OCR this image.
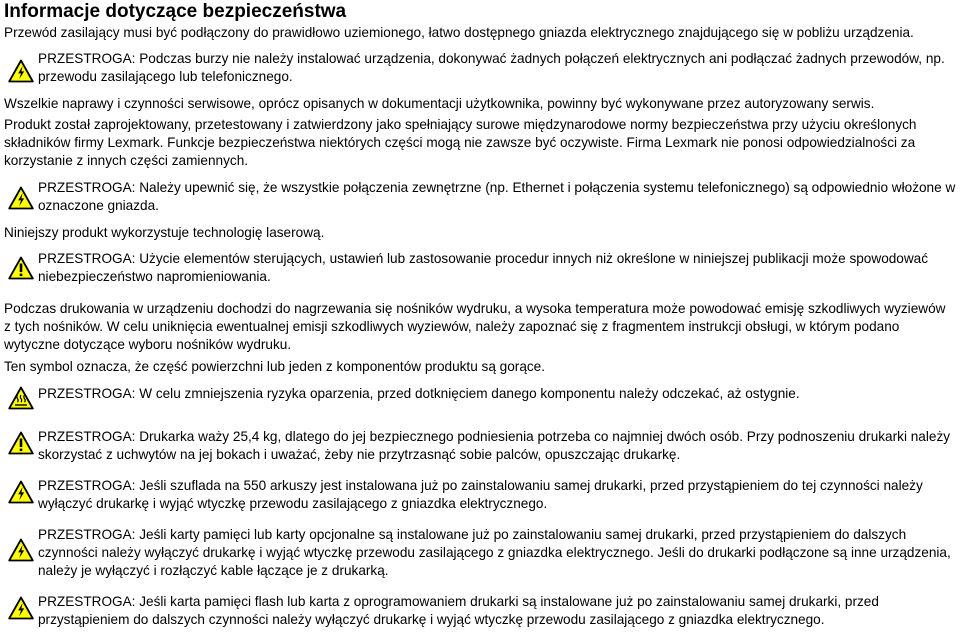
Informacje dotyczące bezpieczeństwa

Przewód zasilający musi być podłączony do prawidłowo uziemionego, łatwo dostępnego gniazda elektrycznego znajdującego się w pobliżu urządzenia.

PRZESTROGA: Podczas burzy nie należy instalować urządzenia, dokonywać żadnych połączeń elektrycznych ani podłączać żadnych przewodów, np. przewodu zasilającego lub telefonicznego.

Wszelkie naprawy i czynności serwisowe, oprócz opisanych w dokumentacji użytkownika, powinny być wykonywane przez autoryzowany serwis.

Produkt został zaprojektowany, przetestowany i zatwierdzony jako spełniający surowe międzynarodowe normy bezpieczeństwa przy użyciu określonych składników firmy Lexmark. Funkcje bezpieczeństwa niektórych części mogą nie zawsze być oczywiste. Firma Lexmark nie ponosi odpowiedzialności za korzystanie z innych części zamiennych.

PRZESTROGA: Należy upewnić się, że wszystkie połączenia zewnętrzne (np. Ethernet i połączenia systemu telefonicznego) są odpowiednio włożone w oznaczone gniazda.

Niniejszy produkt wykorzystuje technologię laserową.

PRZESTROGA: Użycie elementów sterujących, ustawień lub zastosowanie procedur innych niż określone w niniejszej publikacji może spowodować niebezpieczeństwo napromieniowania.

Podczas drukowania w urządzeniu dochodzi do nagrzewania się nośników wydruku, a wysoka temperatura może powodować emisję szkodliwych wyziewów z tych nośników. W celu uniknięcia ewentualnej emisji szkodliwych wyziewów, należy zapoznać się z fragmentem instrukcji obsługi, w którym podano wytyczne dotyczące wyboru nośników wydruku.

Ten symbol oznacza, że część powierzchni lub jeden z komponentów produktu są gorące.

PRZESTROGA: W celu zmniejszenia ryzyka oparzenia, przed dotknięciem danego komponentu należy odczekać, aż ostygnie.
PRZESTROGA: Drukarka waży 25,4 kg, dlatego do jej bezpiecznego podniesienia potrzeba co najmniej dwóch osób. Przy podnoszeniu drukarki należy skorzystać z uchwytów na jej bokach i uważać, żeby nie przytrzasnąć sobie palców, opuszczając drukarkę.
PRZESTROGA: Jeśli szuflada na 550 arkuszy jest instalowana już po zainstalowaniu samej drukarki, przed przystąpieniem do tej czynności należy wyłączyć drukarkę i wyjąć wtyczkę przewodu zasilającego z gniazdka elektrycznego.
PRZESTROGA: Jeśli karty pamięci lub karty opcjonalne są instalowane już po zainstalowaniu samej drukarki, przed przystąpieniem do dalszych czynności należy wyłączyć drukarkę i wyjąć wtyczkę przewodu zasilającego z gniazdka elektrycznego. Jeśli do drukarki podłączone są inne urządzenia, należy je wyłączyć i rozłączyć kable łączące je z drukarką.
PRZESTROGA: Jeśli karta pamięci flash lub karta z oprogramowaniem drukarki są instalowane już po zainstalowaniu samej drukarki, przed przystąpieniem do dalszych czynności należy wyłączyć drukarkę i wyjąć wtyczkę przewodu zasilającego z gniazdka elektrycznego.
